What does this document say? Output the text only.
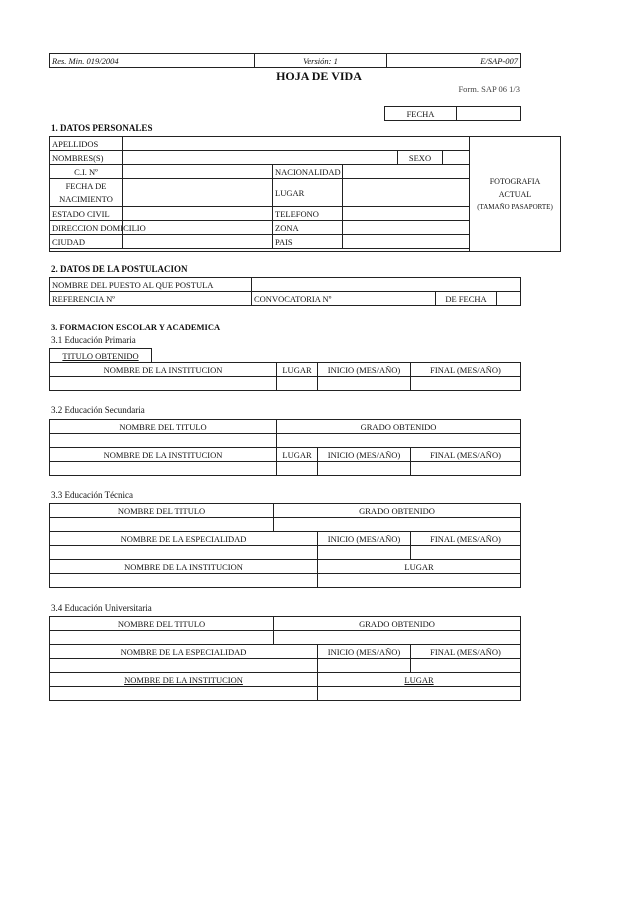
Res. Min. 019/2004	Versión: 1	E/SAP-007
HOJA DE VIDA
Form. SAP 06 1/3
FECHA	
1. DATOS PERSONALES
APELLIDOS						FOTOGRAFIA
ACTUAL
(TAMAÑO PASAPORTE)

NOMBRES(S)				SEXO		
C.I. Nº		NACIONALIDAD				

FECHA DE
NACIMIENTO		LUGAR				
ESTADO CIVIL		TELEFONO				
DIRECCION DOMICILIO		ZONA				
CIUDAD		PAIS				

2. DATOS DE LA POSTULACION
NOMBRE DEL PUESTO AL QUE POSTULA				
REFERENCIA Nº	CONVOCATORIA Nº		DE FECHA	
3. FORMACION ESCOLAR Y ACADEMICA
3.1 Educación Primaria
TITULO OBTENIDO				
NOMBRE DE LA INSTITUCION		LUGAR	INICIO (MES/AÑO)	FINAL (MES/AÑO)

3.2 Educación Secundaria
NOMBRE DEL TITULO	GRADO OBTENIDO		

NOMBRE DE LA INSTITUCION	LUGAR	INICIO (MES/AÑO)	FINAL (MES/AÑO)

3.3 Educación Técnica
NOMBRE DEL TITULO	GRADO OBTENIDO		

NOMBRE DE LA ESPECIALIDAD		INICIO (MES/AÑO)	FINAL (MES/AÑO)

NOMBRE DE LA INSTITUCION		LUGAR	

3.4 Educación Universitaria
NOMBRE DEL TITULO	GRADO OBTENIDO		

NOMBRE DE LA ESPECIALIDAD		INICIO (MES/AÑO)	FINAL (MES/AÑO)

NOMBRE DE LA INSTITUCION		LUGAR	
